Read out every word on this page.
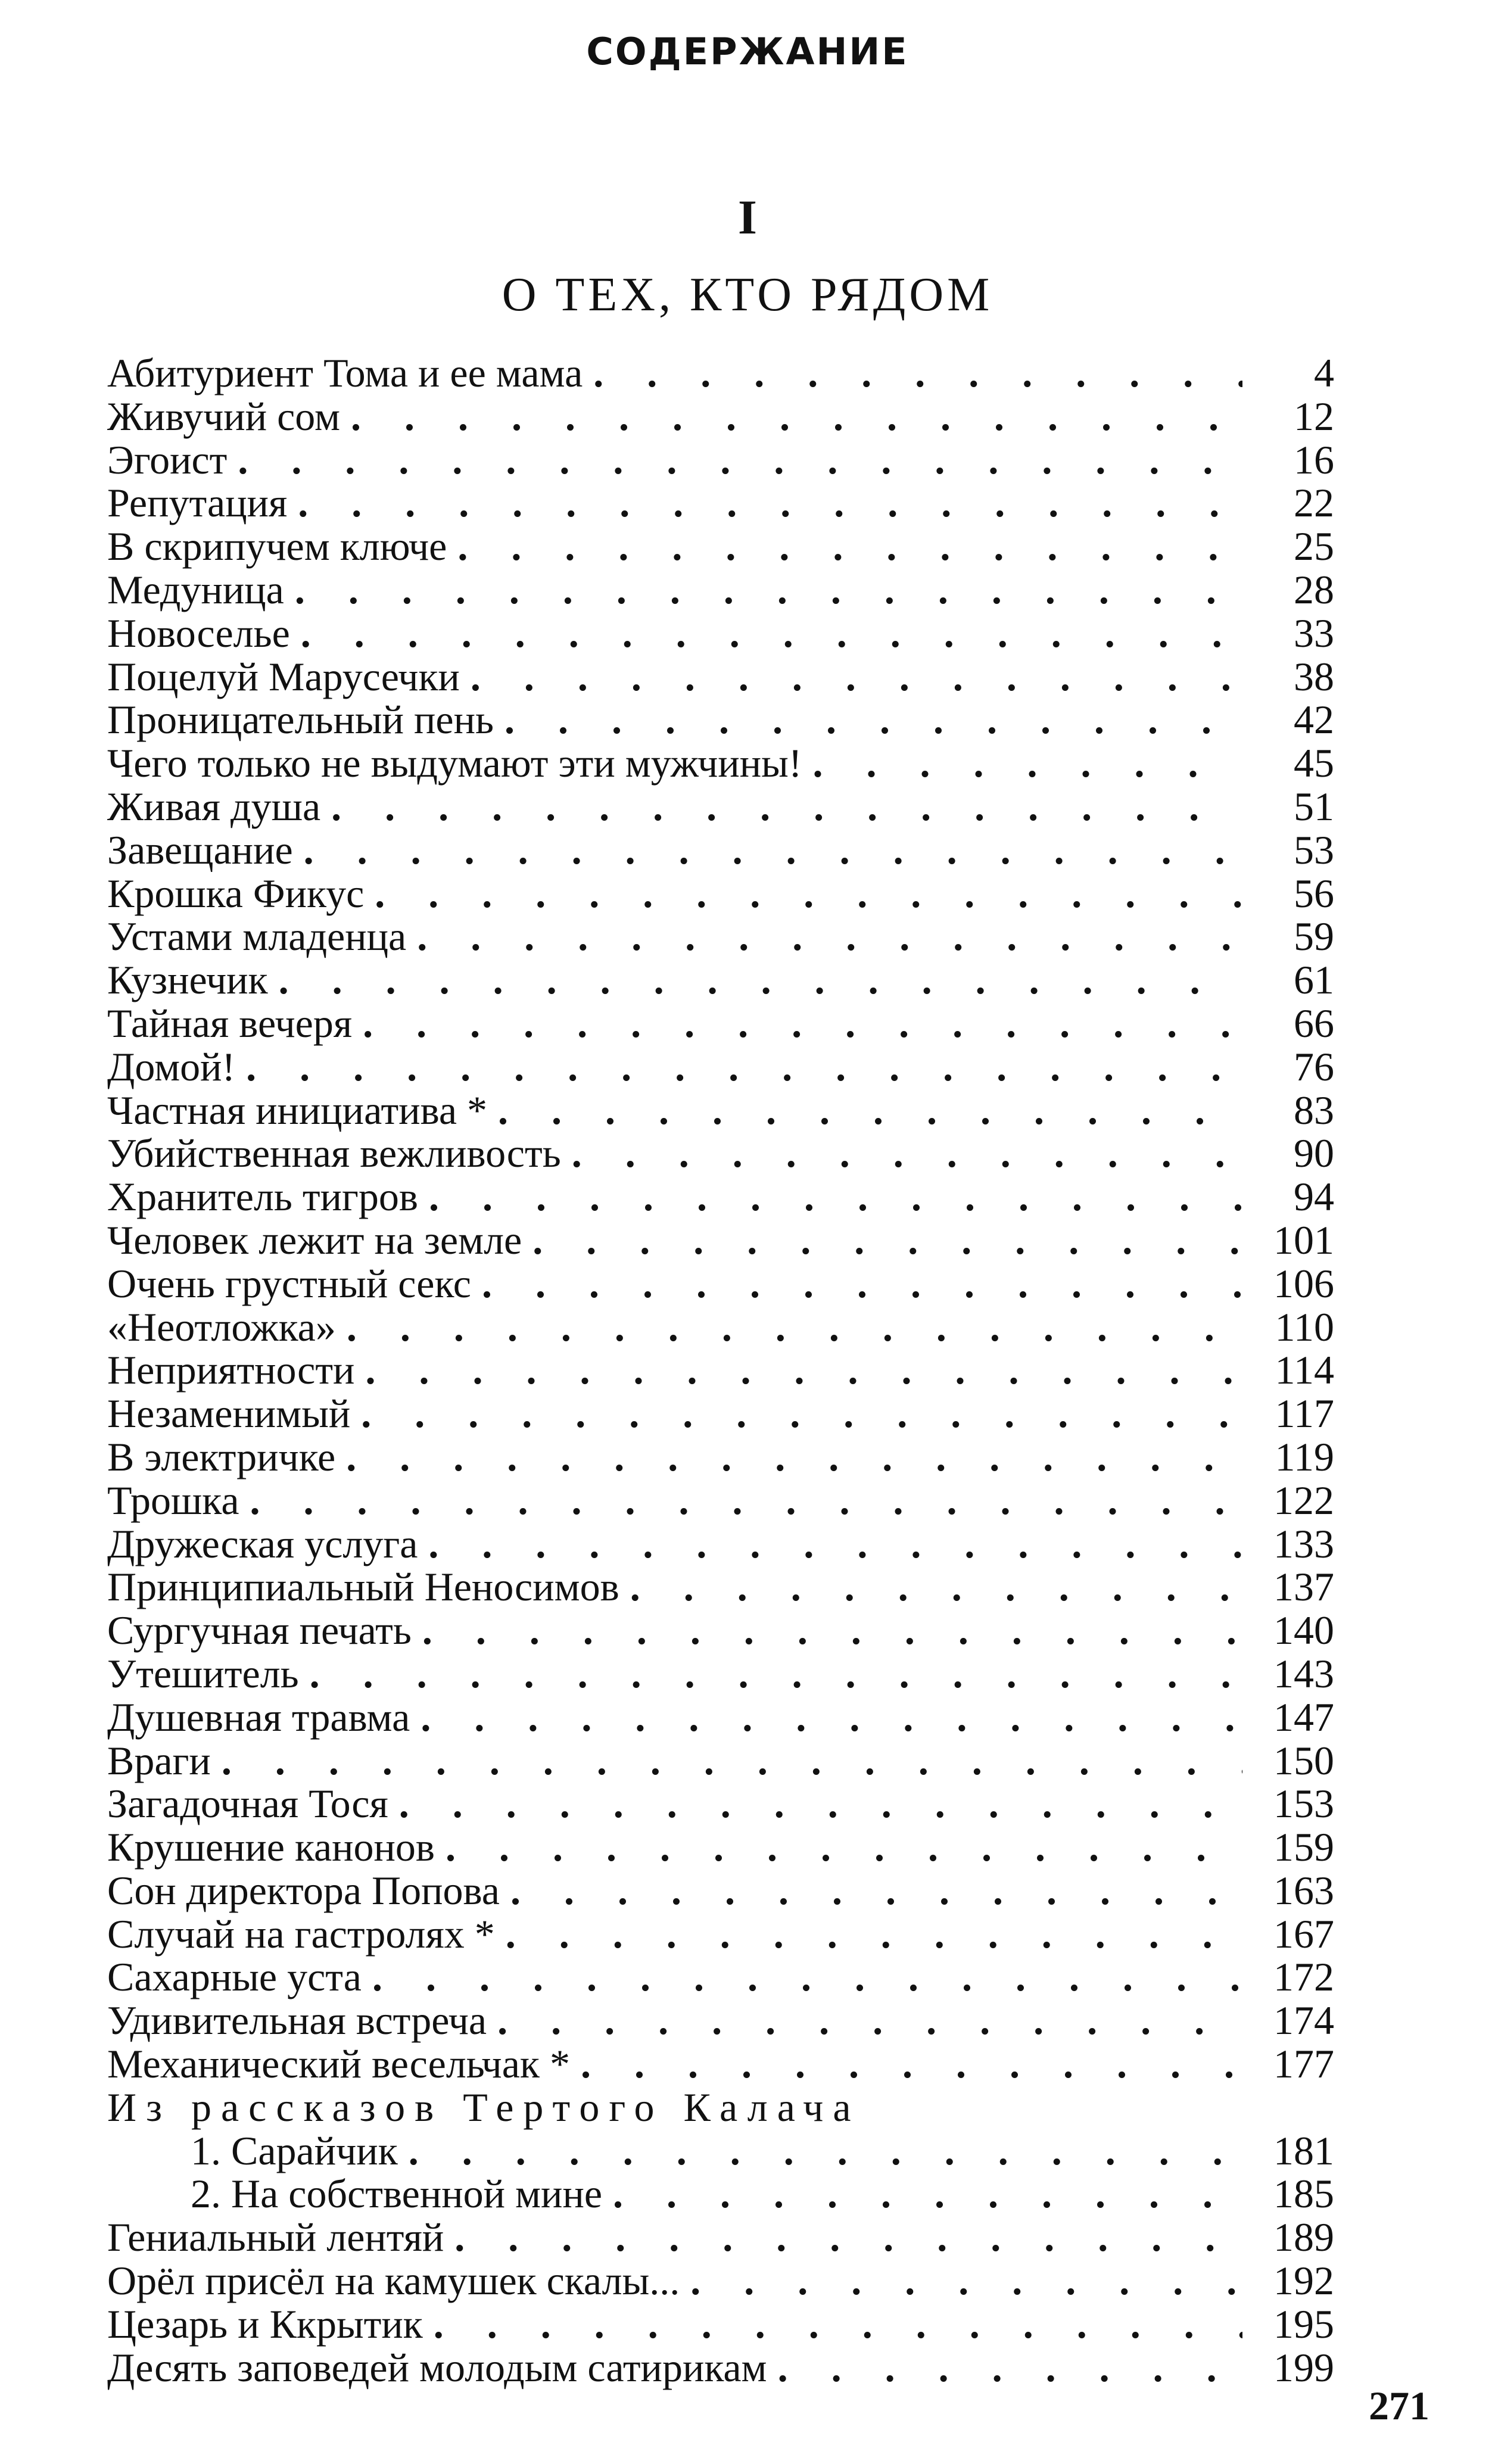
СОДЕРЖАНИЕ
I
О ТЕХ, КТО РЯДОМ
Абитуриент Тома и ее мама . . .	4
Живучий сом . . .	12
Эгоист . . .	16
Репутация . . .	22
В скрипучем ключе . . .	25
Медуница . . .	28
Новоселье . . .	33
Поцелуй Марусечки . . .	38
Проницательный пень . . .	42
Чего только не выдумают эти мужчины! . . .	45
Живая душа . . .	51
Завещание . . .	53
Крошка Фикус . . .	56
Устами младенца . . .	59
Кузнечик . . .	61
Тайная вечеря . . .	66
Домой! . . .	76
Частная инициатива * . . .	83
Убийственная вежливость . . .	90
Хранитель тигров . . .	94
Человек лежит на земле . . .	101
Очень грустный секс . . .	106
«Неотложка» . . .	110
Неприятности . . .	114
Незаменимый . . .	117
В электричке . . .	119
Трошка . . .	122
Дружеская услуга . . .	133
Принципиальный Неносимов . . .	137
Сургучная печать . . .	140
Утешитель . . .	143
Душевная травма . . .	147
Враги . . .	150
Загадочная Тося . . .	153
Крушение канонов . . .	159
Сон директора Попова . . .	163
Случай на гастролях * . . .	167
Сахарные уста . . .	172
Удивительная встреча . . .	174
Механический весельчак * . . .	177
Из рассказов Тертого Калача
1. Сарайчик . . .	181
2. На собственной мине . . .	185
Гениальный лентяй . . .	189
Орёл присёл на камушек скалы... . . .	192
Цезарь и Ккрытик . . .	195
Десять заповедей молодым сатирикам . . .	199
271
